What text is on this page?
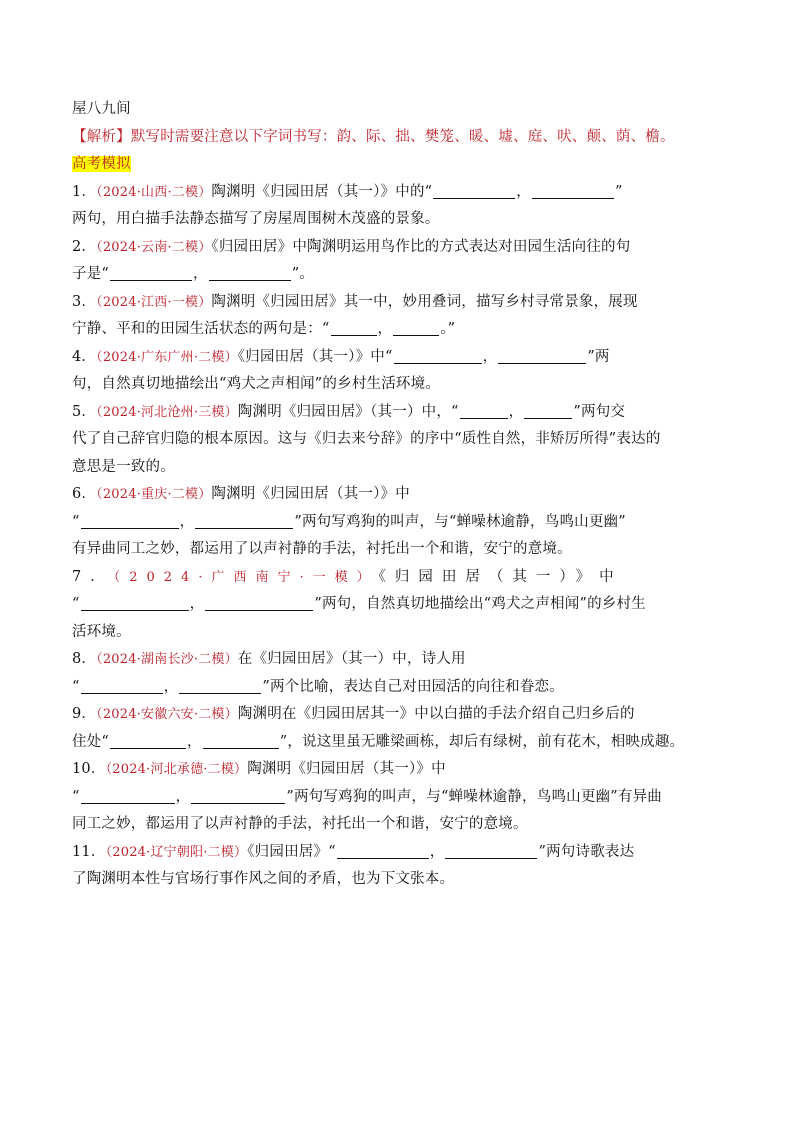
屋八九间
【解析】默写时需要注意以下字词书写：韵、际、拙、樊笼、暖、墟、庭、吠、颠、荫、檐。
高考模拟
1．（2024·山西·二模）陶渊明《归园田居（其一）》中的“	，	”
两句，用白描手法静态描写了房屋周围树木茂盛的景象。
2．（2024·云南·二模）《归园田居》中陶渊明运用鸟作比的方式表达对田园生活向往的句
子是“	，	”。
3．（2024·江西·一模）陶渊明《归园田居》其一中，妙用叠词，描写乡村寻常景象，展现
宁静、平和的田园生活状态的两句是：“	，	。”
4．（2024·广东广州·二模）《归园田居（其一）》中“	，	”两
句，自然真切地描绘出“鸡犬之声相闻”的乡村生活环境。
5．（2024·河北沧州·三模）陶渊明《归园田居》（其一）中，“	，	”两句交
代了自己辞官归隐的根本原因。这与《归去来兮辞》的序中“质性自然，非矫厉所得”表达的
意思是一致的。
6．（2024·重庆·二模）陶渊明《归园田居（其一）》中
“	，	”两句写鸡狗的叫声，与“蝉噪林逾静，鸟鸣山更幽”
有异曲同工之妙，都运用了以声衬静的手法，衬托出一个和谐，安宁的意境。
7．（2024·广西南宁·一模）《归园田居（其一）》中
“	，	”两句，自然真切地描绘出“鸡犬之声相闻”的乡村生
活环境。
8．（2024·湖南长沙·二模）在《归园田居》（其一）中，诗人用
“	，	”两个比喻，表达自己对田园活的向往和眷恋。
9．（2024·安徽六安·二模）陶渊明在《归园田居其一》中以白描的手法介绍自己归乡后的
住处“	，	”，说这里虽无雕梁画栋，却后有绿树，前有花木，相映成趣。
10．（2024·河北承德·二模）陶渊明《归园田居（其一）》中
“	，	”两句写鸡狗的叫声，与“蝉噪林逾静，鸟鸣山更幽”有异曲
同工之妙，都运用了以声衬静的手法，衬托出一个和谐，安宁的意境。
11．（2024·辽宁朝阳·二模）《归园田居》“	，	”两句诗歌表达
了陶渊明本性与官场行事作风之间的矛盾，也为下文张本。
